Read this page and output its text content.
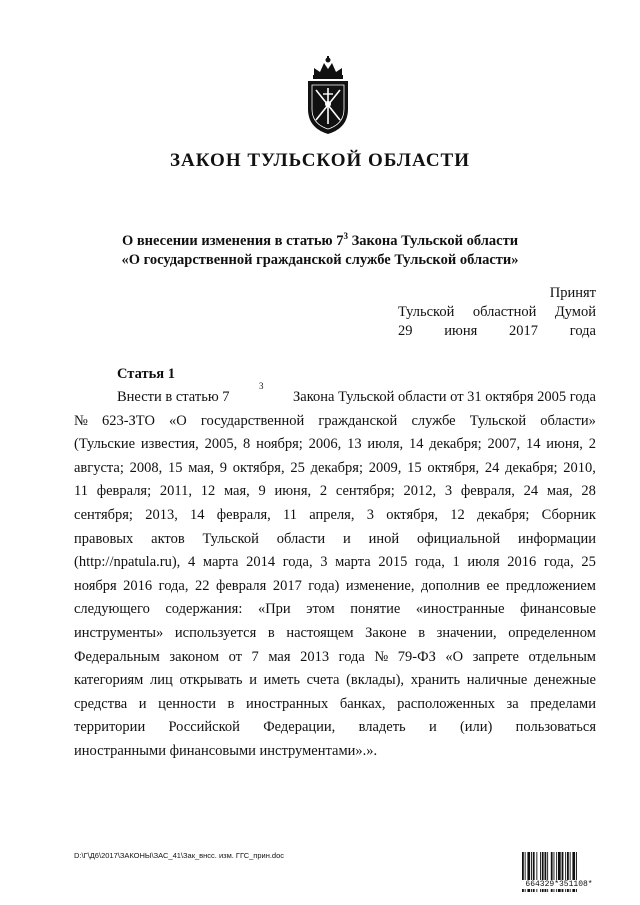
ЗАКОН ТУЛЬСКОЙ ОБЛАСТИ
О внесении изменения в статью $7^3$ Закона Тульской области
«О государственной гражданской службе Тульской области»
Принят
Тульской областной Думой
29 июня 2017 года
Статья 1
Внести в статью 7
3
Закона Тульской области от 31 октября 2005 года
№ 623-ЗТО «О государственной гражданской службе Тульской области»
(Тульские известия, 2005, 8 ноября; 2006, 13 июля, 14 декабря; 2007, 14 июня, 2
августа; 2008, 15 мая, 9 октября, 25 декабря; 2009, 15 октября, 24 декабря; 2010,
11 февраля; 2011, 12 мая, 9 июня, 2 сентября; 2012, 3 февраля, 24 мая, 28
сентября; 2013, 14 февраля, 11 апреля, 3 октября, 12 декабря; Сборник
правовых актов Тульской области и иной официальной информации
(http://npatula.ru), 4 марта 2014 года, 3 марта 2015 года, 1 июля 2016 года, 25
ноября 2016 года, 22 февраля 2017 года) изменение, дополнив ее предложением
следующего содержания: «При этом понятие «иностранные финансовые
инструменты» используется в настоящем Законе в значении, определенном
Федеральным законом от 7 мая 2013 года № 79-ФЗ «О запрете отдельным
категориям лиц открывать и иметь счета (вклады), хранить наличные денежные
средства и ценности в иностранных банках, расположенных за пределами
территории Российской Федерации, владеть и (или) пользоваться
иностранными финансовыми инструментами».».
D:\Г\Д6\2017\ЗАКОНЫ\ЗАС_41\Зак_внсс. изм. ГГС_прин.doc
664329*351108*
